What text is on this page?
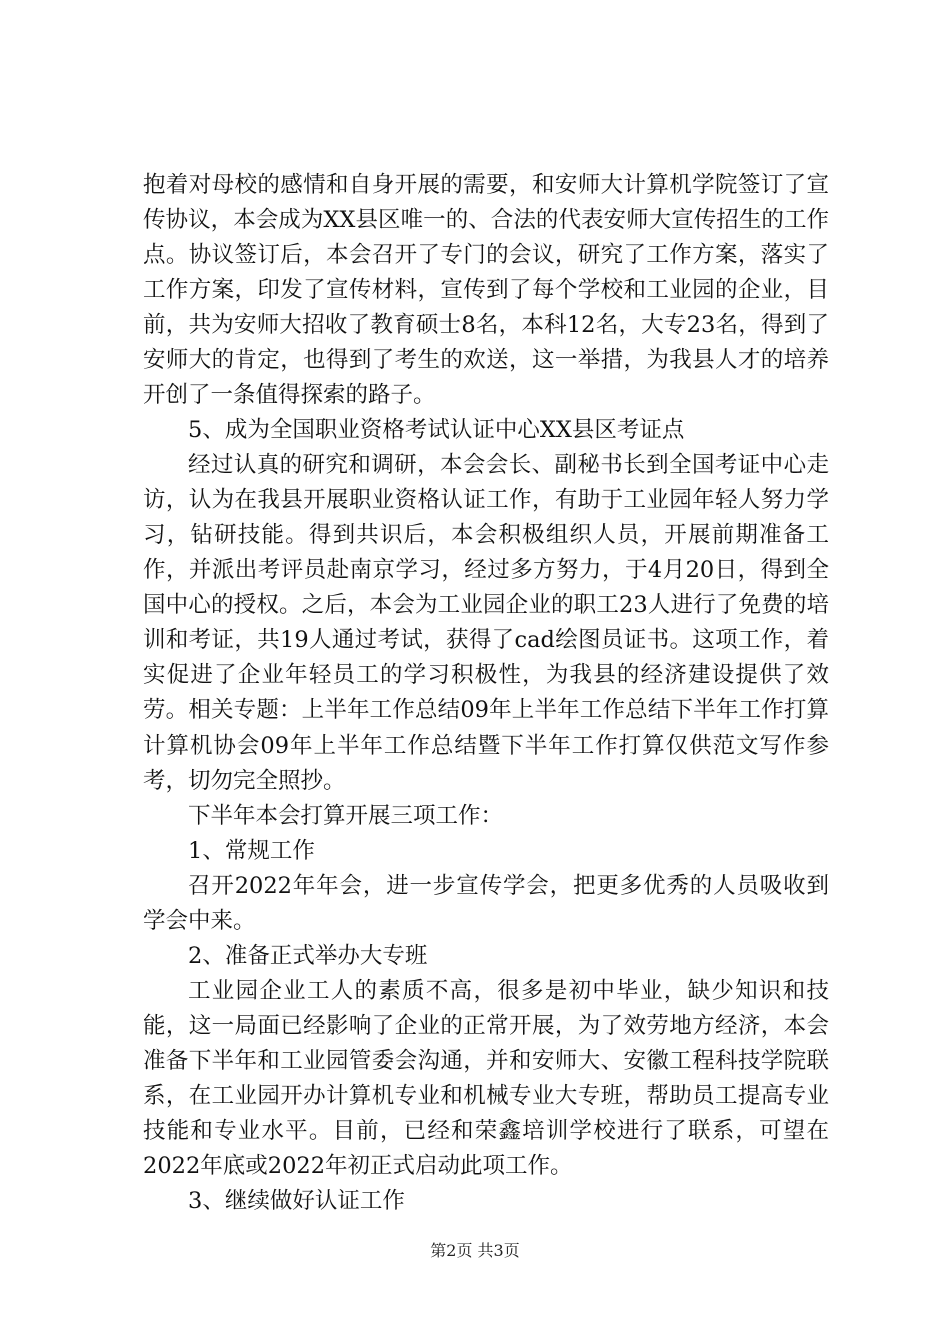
抱着对母校的感情和自身开展的需要，和安师大计算机学院签订了宣传协议，本会成为XX县区唯一的、合法的代表安师大宣传招生的工作点。协议签订后，本会召开了专门的会议，研究了工作方案，落实了工作方案，印发了宣传材料，宣传到了每个学校和工业园的企业，目前，共为安师大招收了教育硕士8名，本科12名，大专23名，得到了安师大的肯定，也得到了考生的欢送，这一举措，为我县人才的培养开创了一条值得探索的路子。

5、成为全国职业资格考试认证中心XX县区考证点

经过认真的研究和调研，本会会长、副秘书长到全国考证中心走访，认为在我县开展职业资格认证工作，有助于工业园年轻人努力学习，钻研技能。得到共识后，本会积极组织人员，开展前期准备工作，并派出考评员赴南京学习，经过多方努力，于4月20日，得到全国中心的授权。之后，本会为工业园企业的职工23人进行了免费的培训和考证，共19人通过考试，获得了cad绘图员证书。这项工作，着实促进了企业年轻员工的学习积极性，为我县的经济建设提供了效劳。相关专题：上半年工作总结09年上半年工作总结下半年工作打算计算机协会09年上半年工作总结暨下半年工作打算仅供范文写作参考，切勿完全照抄。

下半年本会打算开展三项工作：

1、常规工作

召开2022年年会，进一步宣传学会，把更多优秀的人员吸收到学会中来。

2、准备正式举办大专班

工业园企业工人的素质不高，很多是初中毕业，缺少知识和技能，这一局面已经影响了企业的正常开展，为了效劳地方经济，本会准备下半年和工业园管委会沟通，并和安师大、安徽工程科技学院联系，在工业园开办计算机专业和机械专业大专班，帮助员工提高专业技能和专业水平。目前，已经和荣鑫培训学校进行了联系，可望在2022年底或2022年初正式启动此项工作。

3、继续做好认证工作

第2页 共3页
